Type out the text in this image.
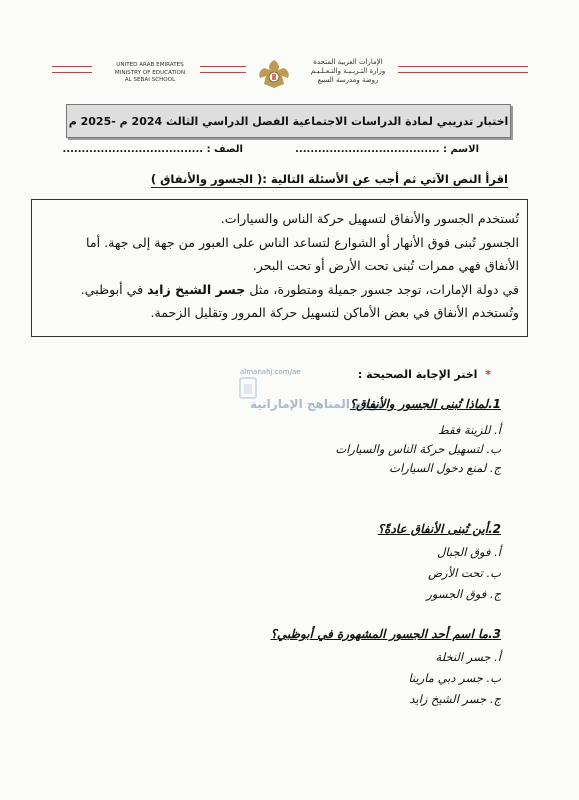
UNITED ARAB EMIRATES
MINISTRY OF EDUCATION
AL SEBAI SCHOOL
الإمارات العربية المتحدة
وزارة التـربـيـة والتـعـلـيـم
روضة ومدرسة السبع
اختبار تدريبي لمادة الدراسات الاجتماعية الفصل الدراسي الثالث 2024 م -2025 م
الاسم : ......................................
الصف : .....................................
اقرأ النص الآتي ثم أجب عن الأسئلة التالية :( الجسور والأنفاق )

تُستخدم الجسور والأنفاق لتسهيل حركة الناس والسيارات.

الجسور تُبنى فوق الأنهار أو الشوارع لتساعد الناس على العبور من جهة إلى جهة. أما

الأنفاق فهي ممرات تُبنى تحت الأرض أو تحت البحر.

في دولة الإمارات، توجد جسور جميلة ومتطورة، مثل جسر الشيخ زايد في أبوظبي.

وتُستخدم الأنفاق في بعض الأماكن لتسهيل حركة المرور وتقليل الزحمة.

almanahj.com/ae
موقع المناهج الإماراتية
* اختر الإجابة الصحيحة :
1.لماذا تُبنى الجسور والأنفاق؟
أ. للزينة فقط
ب. لتسهيل حركة الناس والسيارات
ج. لمنع دخول السيارات
2.أين تُبنى الأنفاق عادةً؟
أ. فوق الجبال
ب. تحت الأرض
ج. فوق الجسور
3.ما اسم أحد الجسور المشهورة في أبوظبي؟
أ. جسر النخلة
ب. جسر دبي مارينا
ج. جسر الشيخ زايد
